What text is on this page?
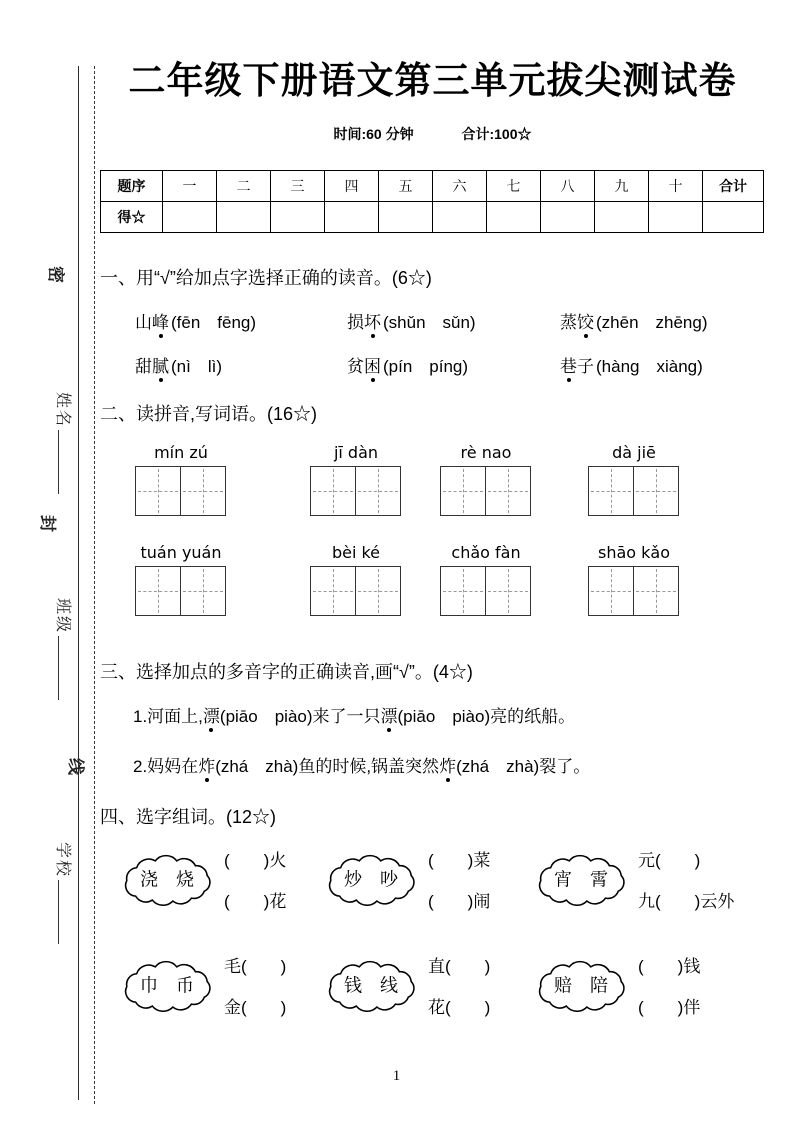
密
姓名
封
班级
线
学校
二年级下册语文第三单元拔尖测试卷
时间:60 分钟	合计:100☆
题序	一	二	三	四	五	六	七	八	九	十	合计
得☆											
一、用“√”给加点字选择正确的读音。(6☆)
山峰 (fēn　fēng)	损坏 (shǔn　sǔn)	蒸饺 (zhēn　zhēng)
甜腻 (nì　lì)	贫困 (pín　píng)	巷子 (hàng　xiàng)
二、读拼音,写词语。(16☆)
mín zú	jī dàn	rè nao	dà jiē
tuán yuán	bèi ké	chǎo fàn	shāo kǎo
三、选择加点的多音字的正确读音,画“√”。(4☆)
1.河面上,漂(piāo　piào)来了一只漂(piāo　piào)亮的纸船。
2.妈妈在炸(zhá　zhà)鱼的时候,锅盖突然炸(zhá　zhà)裂了。
四、选字组词。(12☆)
浇　烧
(　　)火
(　　)花
炒　吵
(　　)菜
(　　)闹
宵　霄
元(　　)
九(　　)云外
巾　币
毛(　　)
金(　　)
钱　线
直(　　)
花(　　)
赔　陪
(　　)钱
(　　)伴
1
